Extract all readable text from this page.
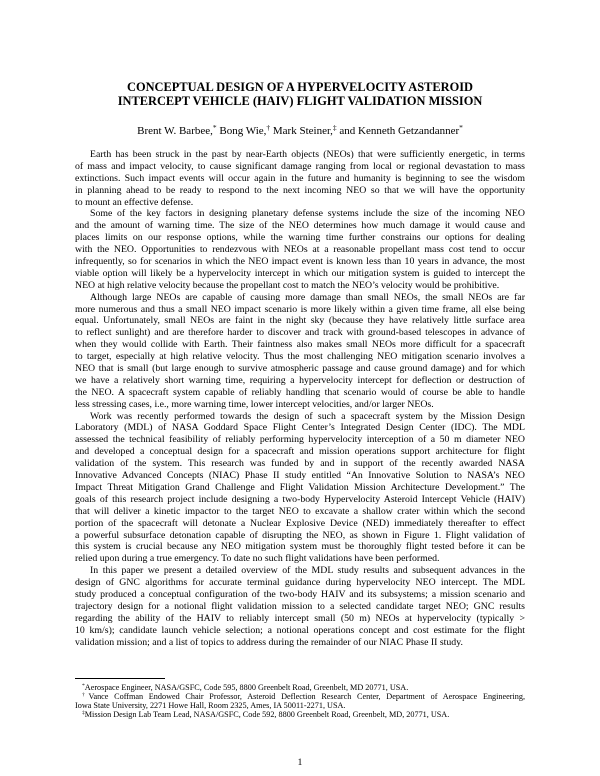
CONCEPTUAL DESIGN OF A HYPERVELOCITY ASTEROID
INTERCEPT VEHICLE (HAIV) FLIGHT VALIDATION MISSION
Brent W. Barbee,* Bong Wie,† Mark Steiner,‡ and Kenneth Getzandanner*
Earth has been struck in the past by near-Earth objects (NEOs) that were sufficiently energetic, in terms
of mass and impact velocity, to cause significant damage ranging from local or regional devastation to mass
extinctions. Such impact events will occur again in the future and humanity is beginning to see the wisdom
in planning ahead to be ready to respond to the next incoming NEO so that we will have the opportunity
to mount an effective defense.
Some of the key factors in designing planetary defense systems include the size of the incoming NEO
and the amount of warning time. The size of the NEO determines how much damage it would cause and
places limits on our response options, while the warning time further constrains our options for dealing
with the NEO. Opportunities to rendezvous with NEOs at a reasonable propellant mass cost tend to occur
infrequently, so for scenarios in which the NEO impact event is known less than 10 years in advance, the most
viable option will likely be a hypervelocity intercept in which our mitigation system is guided to intercept the
NEO at high relative velocity because the propellant cost to match the NEO’s velocity would be prohibitive.
Although large NEOs are capable of causing more damage than small NEOs, the small NEOs are far
more numerous and thus a small NEO impact scenario is more likely within a given time frame, all else being
equal. Unfortunately, small NEOs are faint in the night sky (because they have relatively little surface area
to reflect sunlight) and are therefore harder to discover and track with ground-based telescopes in advance of
when they would collide with Earth. Their faintness also makes small NEOs more difficult for a spacecraft
to target, especially at high relative velocity. Thus the most challenging NEO mitigation scenario involves a
NEO that is small (but large enough to survive atmospheric passage and cause ground damage) and for which
we have a relatively short warning time, requiring a hypervelocity intercept for deflection or destruction of
the NEO. A spacecraft system capable of reliably handling that scenario would of course be able to handle
less stressing cases, i.e., more warning time, lower intercept velocities, and/or larger NEOs.
Work was recently performed towards the design of such a spacecraft system by the Mission Design
Laboratory (MDL) of NASA Goddard Space Flight Center’s Integrated Design Center (IDC). The MDL
assessed the technical feasibility of reliably performing hypervelocity interception of a 50 m diameter NEO
and developed a conceptual design for a spacecraft and mission operations support architecture for flight
validation of the system. This research was funded by and in support of the recently awarded NASA
Innovative Advanced Concepts (NIAC) Phase II study entitled “An Innovative Solution to NASA’s NEO
Impact Threat Mitigation Grand Challenge and Flight Validation Mission Architecture Development.” The
goals of this research project include designing a two-body Hypervelocity Asteroid Intercept Vehicle (HAIV)
that will deliver a kinetic impactor to the target NEO to excavate a shallow crater within which the second
portion of the spacecraft will detonate a Nuclear Explosive Device (NED) immediately thereafter to effect
a powerful subsurface detonation capable of disrupting the NEO, as shown in Figure 1. Flight validation of
this system is crucial because any NEO mitigation system must be thoroughly flight tested before it can be
relied upon during a true emergency. To date no such flight validations have been performed.
In this paper we present a detailed overview of the MDL study results and subsequent advances in the
design of GNC algorithms for accurate terminal guidance during hypervelocity NEO intercept. The MDL
study produced a conceptual configuration of the two-body HAIV and its subsystems; a mission scenario and
trajectory design for a notional flight validation mission to a selected candidate target NEO; GNC results
regarding the ability of the HAIV to reliably intercept small (50 m) NEOs at hypervelocity (typically >
10 km/s); candidate launch vehicle selection; a notional operations concept and cost estimate for the flight
validation mission; and a list of topics to address during the remainder of our NIAC Phase II study.
*Aerospace Engineer, NASA/GSFC, Code 595, 8800 Greenbelt Road, Greenbelt, MD 20771, USA.
†Vance Coffman Endowed Chair Professor, Asteroid Deflection Research Center, Department of Aerospace Engineering,
Iowa State University, 2271 Howe Hall, Room 2325, Ames, IA 50011-2271, USA.
‡Mission Design Lab Team Lead, NASA/GSFC, Code 592, 8800 Greenbelt Road, Greenbelt, MD, 20771, USA.
1
